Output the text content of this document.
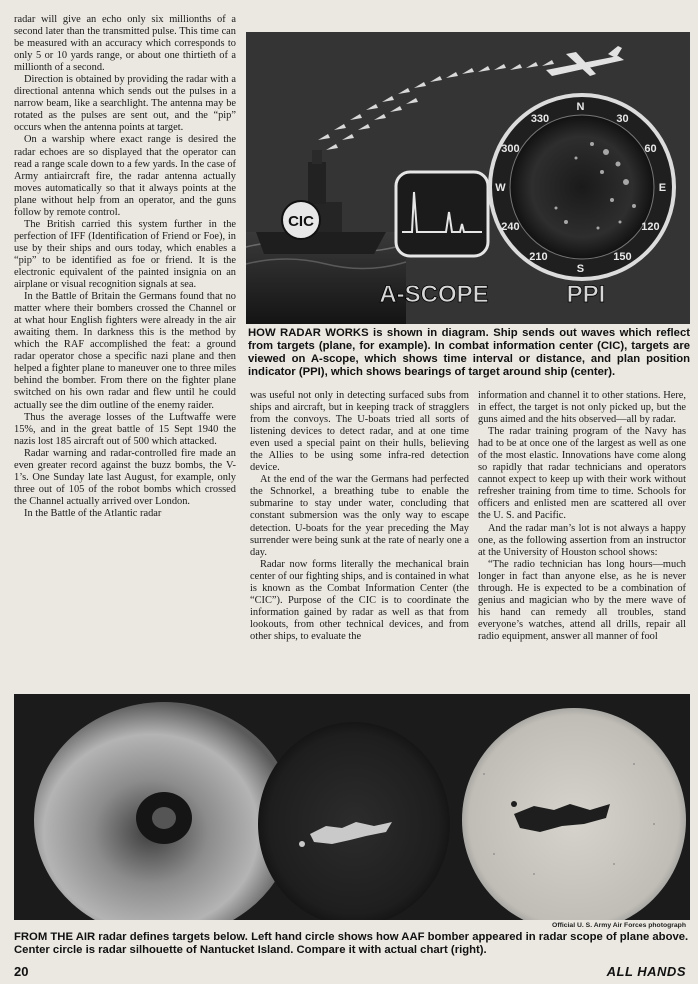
radar will give an echo only six millionths of a second later than the transmitted pulse. This time can be measured with an accuracy which corresponds to only 5 or 10 yards range, or about one thirtieth of a millionth of a second.

Direction is obtained by providing the radar with a directional antenna which sends out the pulses in a narrow beam, like a searchlight. The antenna may be rotated as the pulses are sent out, and the “pip” occurs when the antenna points at target.

On a warship where exact range is desired the radar echoes are so displayed that the operator can read a range scale down to a few yards. In the case of Army antiaircraft fire, the radar antenna actually moves automatically so that it always points at the plane without help from an operator, and the guns follow by remote control.

The British carried this system further in the perfection of IFF (Identification of Friend or Foe), in use by their ships and ours today, which enables a “pip” to be identified as foe or friend. It is the electronic equivalent of the painted insignia on an airplane or visual recognition signals at sea.

In the Battle of Britain the Germans found that no matter where their bombers crossed the Channel or at what hour English fighters were already in the air awaiting them. In darkness this is the method by which the RAF accomplished the feat: a ground radar operator chose a specific nazi plane and then helped a fighter plane to maneuver one to three miles behind the bomber. From there on the fighter plane switched on his own radar and flew until he could actually see the dim outline of the enemy raider.

Thus the average losses of the Luftwaffe were 15%, and in the great battle of 15 Sept 1940 the nazis lost 185 aircraft out of 500 which attacked.

Radar warning and radar-controlled fire made an even greater record against the buzz bombs, the V-1’s. One Sunday late last August, for example, only three out of 105 of the robot bombs which crossed the Channel actually arrived over London.

In the Battle of the Atlantic radar

CIC
A-SCOPE
N 30 60 E 120 150 S 210 240 W 300 330
PPI
HOW RADAR WORKS is shown in diagram. Ship sends out waves which reflect from targets (plane, for example). In combat information center (CIC), targets are viewed on A-scope, which shows time interval or distance, and plan position indicator (PPI), which shows bearings of target around ship (center).

was useful not only in detecting surfaced subs from ships and aircraft, but in keeping track of stragglers from the convoys. The U-boats tried all sorts of listening devices to detect radar, and at one time even used a special paint on their hulls, believing the Allies to be using some infra-red detection device.

At the end of the war the Germans had perfected the Schnorkel, a breathing tube to enable the submarine to stay under water, concluding that constant submersion was the only way to escape detection. U-boats for the year preceding the May surrender were being sunk at the rate of nearly one a day.

Radar now forms literally the mechanical brain center of our fighting ships, and is contained in what is known as the Combat Information Center (the “CIC”). Purpose of the CIC is to coordinate the information gained by radar as well as that from lookouts, from other technical devices, and from other ships, to evaluate the

information and channel it to other stations. Here, in effect, the target is not only picked up, but the guns aimed and the hits observed—all by radar.

The radar training program of the Navy has had to be at once one of the largest as well as one of the most elastic. Innovations have come along so rapidly that radar technicians and operators cannot expect to keep up with their work without refresher training from time to time. Schools for officers and enlisted men are scattered all over the U. S. and Pacific.

And the radar man’s lot is not always a happy one, as the following assertion from an instructor at the University of Houston school shows:

“The radio technician has long hours—much longer in fact than anyone else, as he is never through. He is expected to be a combination of genius and magician who by the mere wave of his hand can remedy all troubles, stand everyone’s watches, attend all drills, repair all radio equipment, answer all manner of fool

Official U. S. Army Air Forces photograph
FROM THE AIR radar defines targets below. Left hand circle shows how AAF bomber appeared in radar scope of plane above. Center circle is radar silhouette of Nantucket Island. Compare it with actual chart (right).
20	ALL HANDS
